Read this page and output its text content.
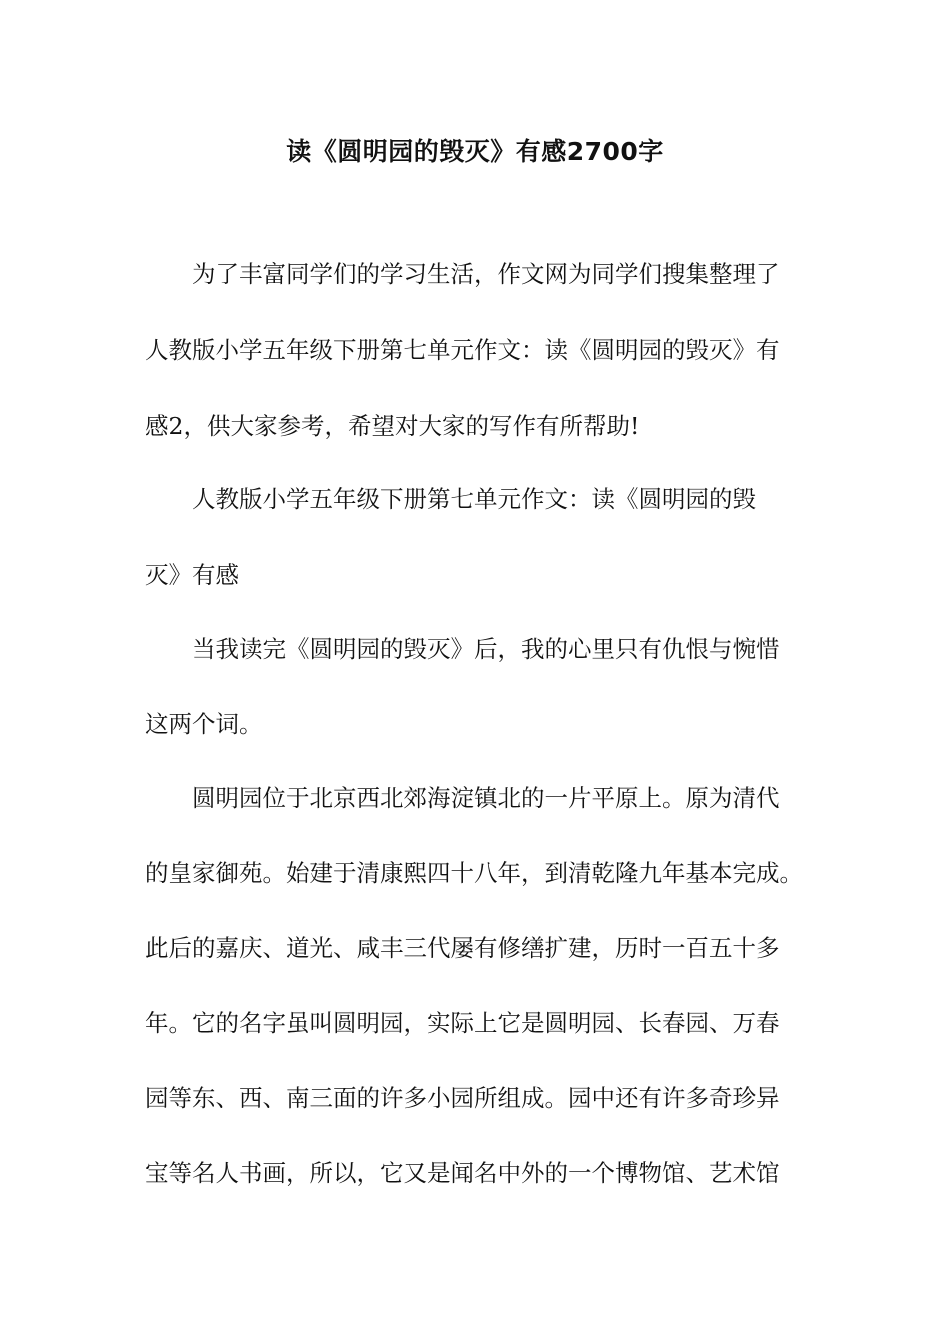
读《圆明园的毁灭》有感2700字

为了丰富同学们的学习生活，作文网为同学们搜集整理了

人教版小学五年级下册第七单元作文：读《圆明园的毁灭》有

感2，供大家参考，希望对大家的写作有所帮助!

人教版小学五年级下册第七单元作文：读《圆明园的毁

灭》有感

当我读完《圆明园的毁灭》后，我的心里只有仇恨与惋惜

这两个词。

圆明园位于北京西北郊海淀镇北的一片平原上。原为清代

的皇家御苑。始建于清康熙四十八年，到清乾隆九年基本完成。

此后的嘉庆、道光、咸丰三代屡有修缮扩建，历时一百五十多

年。它的名字虽叫圆明园，实际上它是圆明园、长春园、万春

园等东、西、南三面的许多小园所组成。园中还有许多奇珍异

宝等名人书画，所以，它又是闻名中外的一个博物馆、艺术馆
